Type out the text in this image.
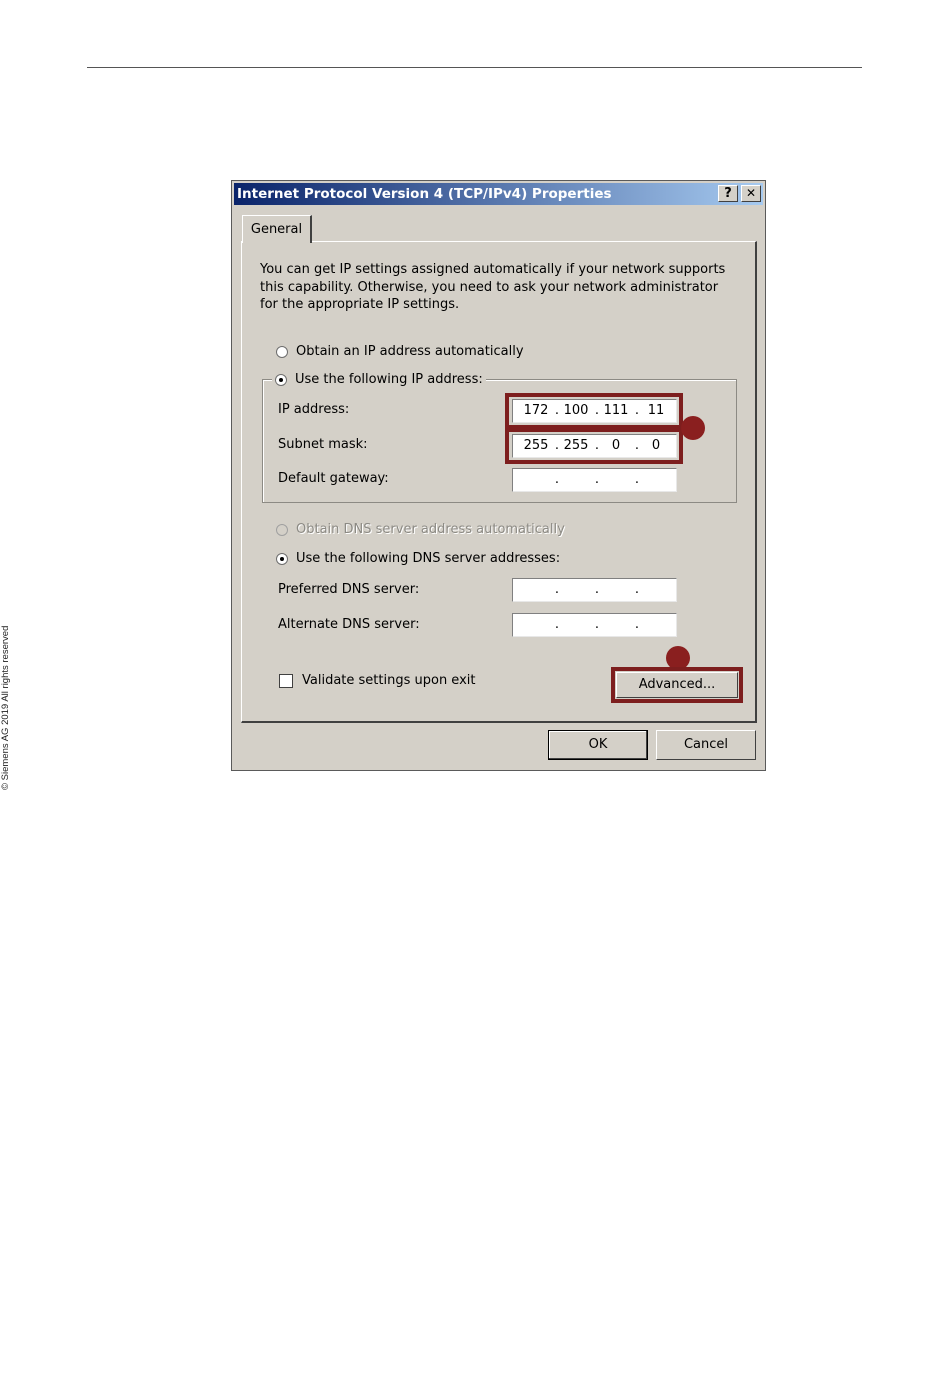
© Siemens AG 2019 All rights reserved
Internet Protocol Version 4 (TCP/IPv4) Properties	?	✕
General
You can get IP settings assigned automatically if your network supports this capability. Otherwise, you need to ask your network administrator for the appropriate IP settings.
Obtain an IP address automatically
Use the following IP address:
IP address:	172 . 100 . 111 . 11
Subnet mask:	255 . 255 . 0	. 0
Default gateway:	.	.	.
Obtain DNS server address automatically
Use the following DNS server addresses:
Preferred DNS server:	.	.	.
Alternate DNS server:	.	.	.
Validate settings upon exit	Advanced...
OK	Cancel
